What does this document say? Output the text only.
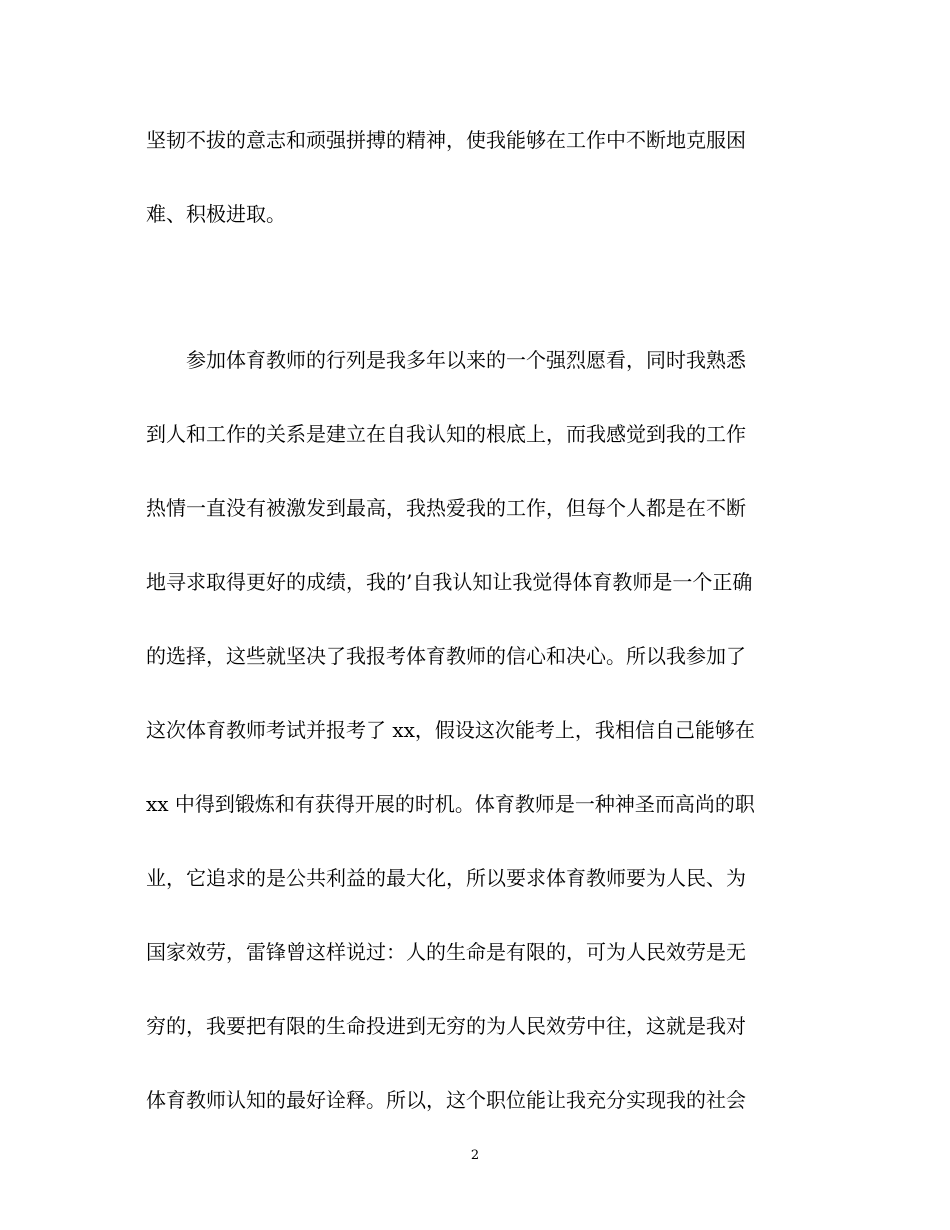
坚韧不拔的意志和顽强拼搏的精神，使我能够在工作中不断地克服困
难、积极进取。
参加体育教师的行列是我多年以来的一个强烈愿看，同时我熟悉
到人和工作的关系是建立在自我认知的根底上，而我感觉到我的工作
热情一直没有被激发到最高，我热爱我的工作，但每个人都是在不断
地寻求取得更好的成绩，我的’自我认知让我觉得体育教师是一个正确
的选择，这些就坚决了我报考体育教师的信心和决心。所以我参加了
这次体育教师考试并报考了 xx，假设这次能考上，我相信自己能够在
xx 中得到锻炼和有获得开展的时机。体育教师是一种神圣而高尚的职
业，它追求的是公共利益的最大化，所以要求体育教师要为人民、为
国家效劳，雷锋曾这样说过：人的生命是有限的，可为人民效劳是无
穷的，我要把有限的生命投进到无穷的为人民效劳中往，这就是我对
体育教师认知的最好诠释。所以，这个职位能让我充分实现我的社会
2
